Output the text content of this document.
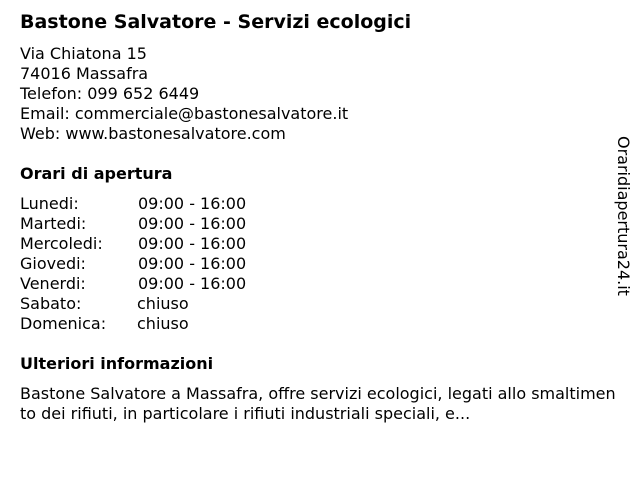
Bastone Salvatore - Servizi ecologici
Via Chiatona 15
74016 Massafra
Telefon: 099 652 6449
Email: commerciale@bastonesalvatore.it
Web: www.bastonesalvatore.com
Orari di apertura
Lunedi:	09:00 - 16:00
Martedi:	09:00 - 16:00
Mercoledi: 09:00 - 16:00
Giovedi:	09:00 - 16:00
Venerdi:	09:00 - 16:00
Sabato:	chiuso
Domenica: chiuso
Ulteriori informazioni
Bastone Salvatore a Massafra, offre servizi ecologici, legati allo smaltimento dei rifiuti, in particolare i rifiuti industriali speciali, e...
Oraridiapertura24.it
